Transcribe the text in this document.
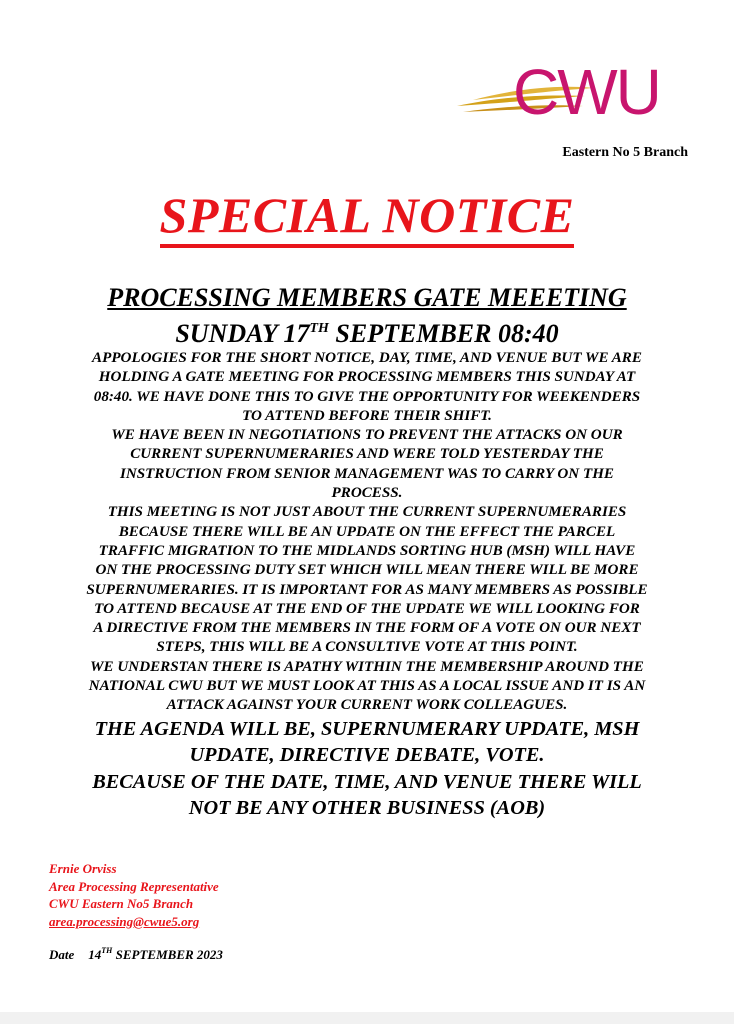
CWU
Eastern No 5 Branch
SPECIAL NOTICE

PROCESSING MEMBERS GATE MEEETING

SUNDAY 17TH SEPTEMBER 08:40

APPOLOGIES FOR THE SHORT NOTICE, DAY, TIME, AND VENUE BUT WE ARE
HOLDING A GATE MEETING FOR PROCESSING MEMBERS THIS SUNDAY AT
08:40. WE HAVE DONE THIS TO GIVE THE OPPORTUNITY FOR WEEKENDERS
TO ATTEND BEFORE THEIR SHIFT.
WE HAVE BEEN IN NEGOTIATIONS TO PREVENT THE ATTACKS ON OUR
CURRENT SUPERNUMERARIES AND WERE TOLD YESTERDAY THE
INSTRUCTION FROM SENIOR MANAGEMENT WAS TO CARRY ON THE
PROCESS.
THIS MEETING IS NOT JUST ABOUT THE CURRENT SUPERNUMERARIES
BECAUSE THERE WILL BE AN UPDATE ON THE EFFECT THE PARCEL
TRAFFIC MIGRATION TO THE MIDLANDS SORTING HUB (MSH) WILL HAVE
ON THE PROCESSING DUTY SET WHICH WILL MEAN THERE WILL BE MORE
SUPERNUMERARIES. IT IS IMPORTANT FOR AS MANY MEMBERS AS POSSIBLE
TO ATTEND BECAUSE AT THE END OF THE UPDATE WE WILL LOOKING FOR
A DIRECTIVE FROM THE MEMBERS IN THE FORM OF A VOTE ON OUR NEXT
STEPS, THIS WILL BE A CONSULTIVE VOTE AT THIS POINT.
WE UNDERSTAN THERE IS APATHY WITHIN THE MEMBERSHIP AROUND THE
NATIONAL CWU BUT WE MUST LOOK AT THIS AS A LOCAL ISSUE AND IT IS AN
ATTACK AGAINST YOUR CURRENT WORK COLLEAGUES.
THE AGENDA WILL BE, SUPERNUMERARY UPDATE, MSH
UPDATE, DIRECTIVE DEBATE, VOTE.
BECAUSE OF THE DATE, TIME, AND VENUE THERE WILL
NOT BE ANY OTHER BUSINESS (AOB)
Ernie Orviss
Area Processing Representative
CWU Eastern No5 Branch
area.processing@cwue5.org
Date 14TH SEPTEMBER 2023
